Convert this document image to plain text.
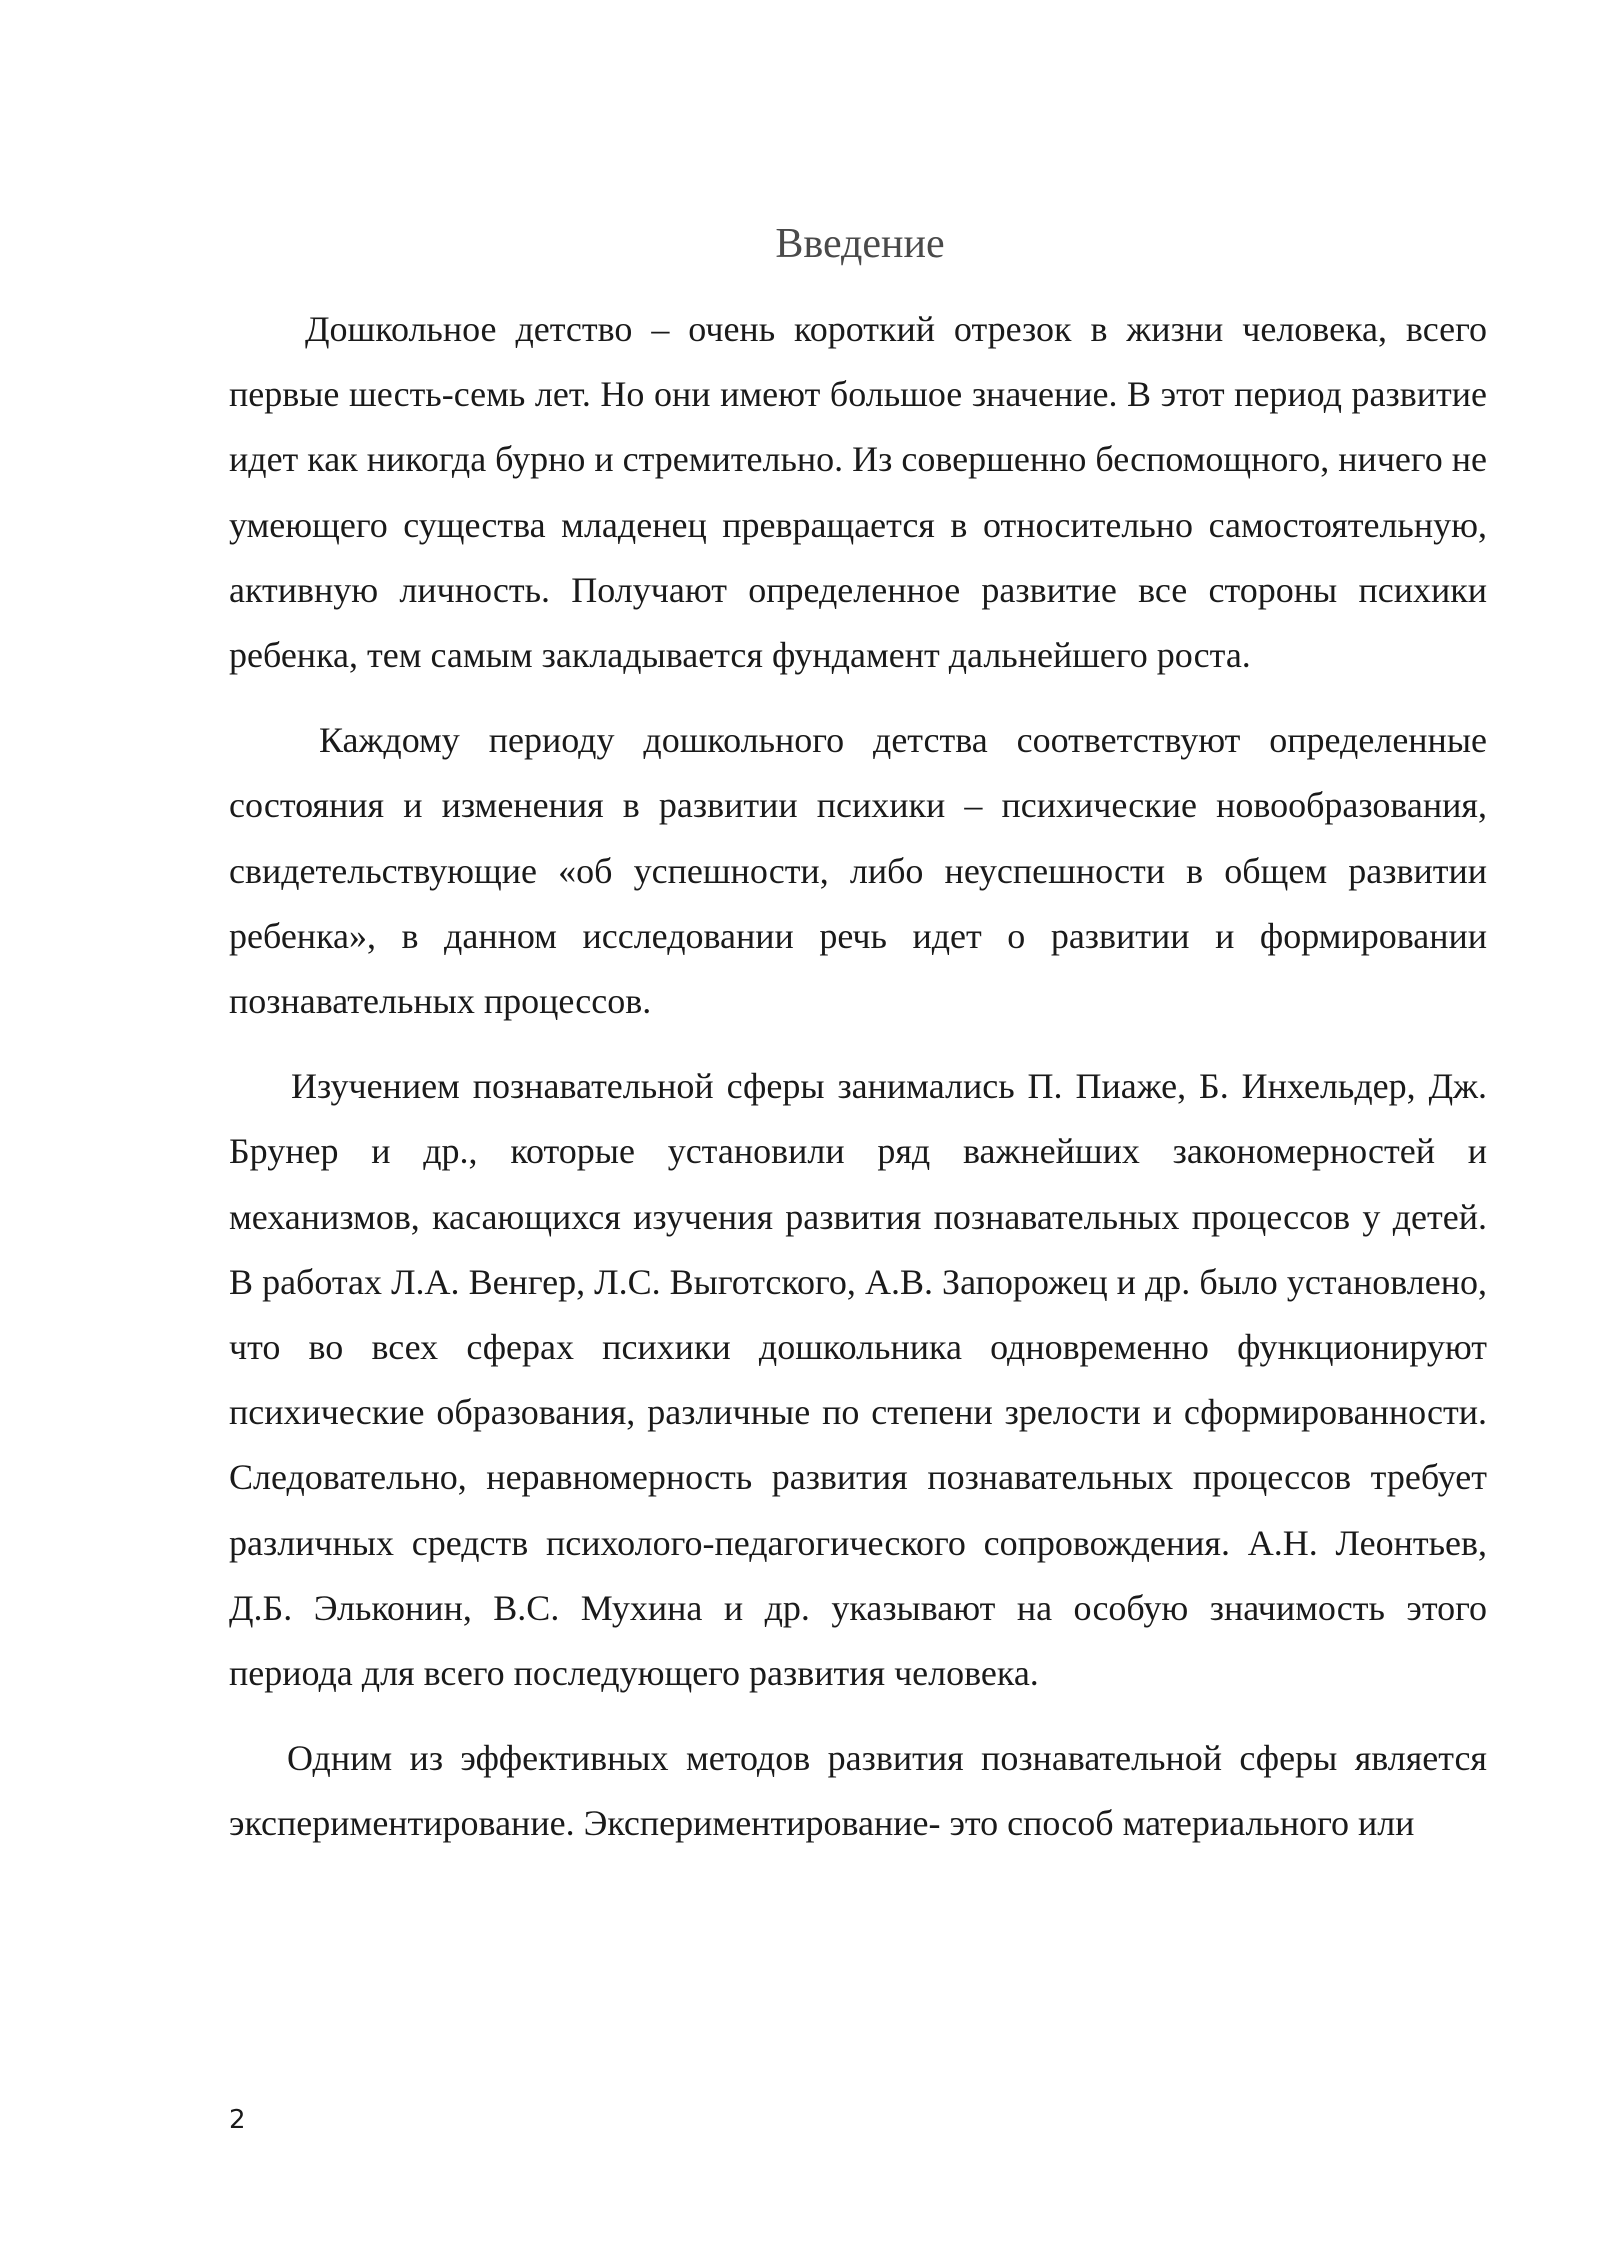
Введение

Дошкольное детство – очень короткий отрезок в жизни человека, всего первые шесть-семь лет. Но они имеют большое значение. В этот период развитие идет как никогда бурно и стремительно. Из совершенно беспомощного, ничего не умеющего существа младенец превращается в относительно самостоятельную, активную личность. Получают определенное развитие все стороны психики ребенка, тем самым закладывается фундамент дальнейшего роста.

Каждому периоду дошкольного детства соответствуют определенные состояния и изменения в развитии психики – психические новообразования, свидетельствующие «об успешности, либо неуспешности в общем развитии ребенка», в данном исследовании речь идет о развитии и формировании познавательных процессов.

Изучением познавательной сферы занимались П. Пиаже, Б. Инхельдер, Дж. Брунер и др., которые установили ряд важнейших закономерностей и механизмов, касающихся изучения развития познавательных процессов у детей. В работах Л.А. Венгер, Л.С. Выготского, А.В. Запорожец и др. было установлено, что во всех сферах психики дошкольника одновременно функционируют психические образования, различные по степени зрелости и сформированности. Следовательно, неравномерность развития познавательных процессов требует различных средств психолого-педагогического сопровождения. А.Н. Леонтьев, Д.Б. Эльконин, В.С. Мухина и др. указывают на особую значимость этого периода для всего последующего развития человека.

Одним из эффективных методов развития познавательной сферы является экспериментирование. Экспериментирование- это способ материального или

2
